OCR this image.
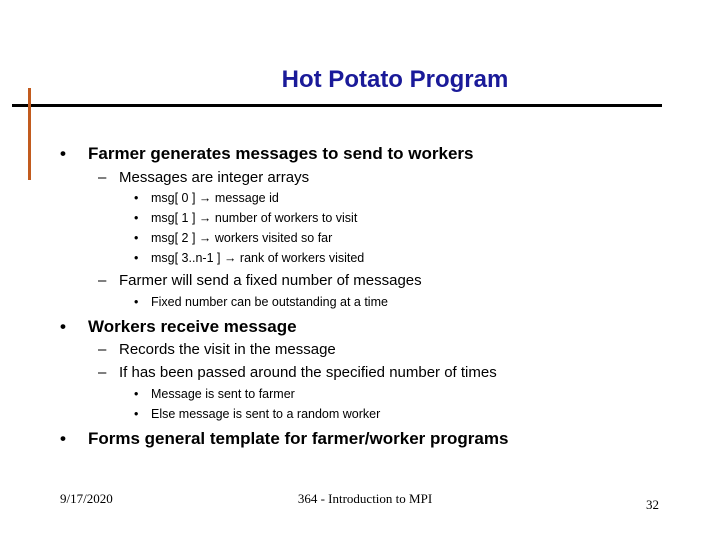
Hot Potato Program
• Farmer generates messages to send to workers
– Messages are integer arrays
• msg[ 0 ] → message id
• msg[ 1 ] → number of workers to visit
• msg[ 2 ] → workers visited so far
• msg[ 3..n-1 ] → rank of workers visited
– Farmer will send a fixed number of messages
• Fixed number can be outstanding at a time
• Workers receive message
– Records the visit in the message
– If has been passed around the specified number of times
• Message is sent to farmer
• Else message is sent to a random worker
• Forms general template for farmer/worker programs
9/17/2020	364 - Introduction to MPI	32
